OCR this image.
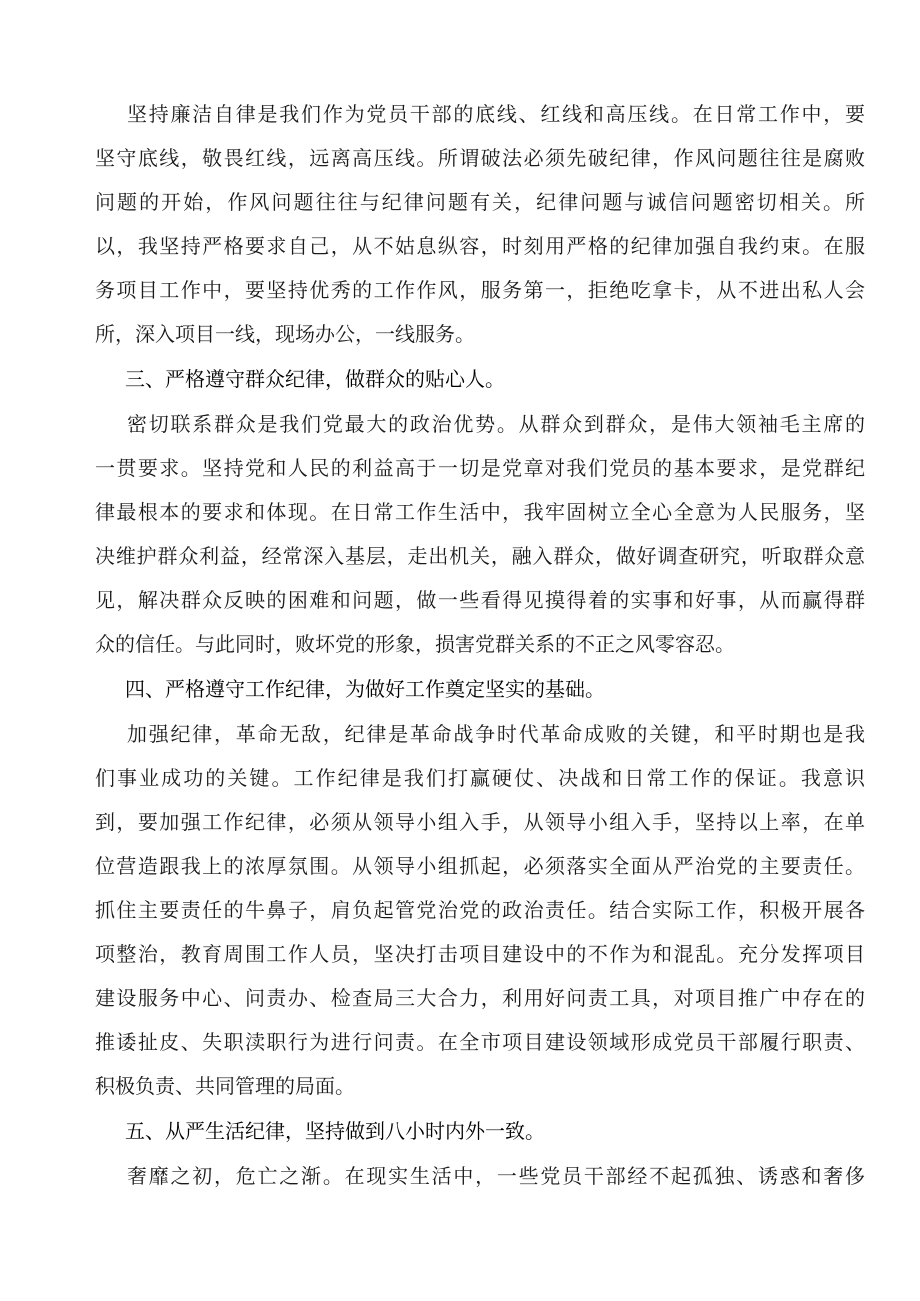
坚持廉洁自律是我们作为党员干部的底线、红线和高压线。在日常工作中，要
坚守底线，敬畏红线，远离高压线。所谓破法必须先破纪律，作风问题往往是腐败
问题的开始，作风问题往往与纪律问题有关，纪律问题与诚信问题密切相关。所
以，我坚持严格要求自己，从不姑息纵容，时刻用严格的纪律加强自我约束。在服
务项目工作中，要坚持优秀的工作作风，服务第一，拒绝吃拿卡，从不进出私人会
所，深入项目一线，现场办公，一线服务。
三、严格遵守群众纪律，做群众的贴心人。
密切联系群众是我们党最大的政治优势。从群众到群众，是伟大领袖毛主席的
一贯要求。坚持党和人民的利益高于一切是党章对我们党员的基本要求，是党群纪
律最根本的要求和体现。在日常工作生活中，我牢固树立全心全意为人民服务，坚
决维护群众利益，经常深入基层，走出机关，融入群众，做好调查研究，听取群众意
见，解决群众反映的困难和问题，做一些看得见摸得着的实事和好事，从而赢得群
众的信任。与此同时，败坏党的形象，损害党群关系的不正之风零容忍。
四、严格遵守工作纪律，为做好工作奠定坚实的基础。
加强纪律，革命无敌，纪律是革命战争时代革命成败的关键，和平时期也是我
们事业成功的关键。工作纪律是我们打赢硬仗、决战和日常工作的保证。我意识
到，要加强工作纪律，必须从领导小组入手，从领导小组入手，坚持以上率，在单
位营造跟我上的浓厚氛围。从领导小组抓起，必须落实全面从严治党的主要责任。
抓住主要责任的牛鼻子，肩负起管党治党的政治责任。结合实际工作，积极开展各
项整治，教育周围工作人员，坚决打击项目建设中的不作为和混乱。充分发挥项目
建设服务中心、问责办、检查局三大合力，利用好问责工具，对项目推广中存在的
推诿扯皮、失职渎职行为进行问责。在全市项目建设领域形成党员干部履行职责、
积极负责、共同管理的局面。
五、从严生活纪律，坚持做到八小时内外一致。
奢靡之初，危亡之渐。在现实生活中，一些党员干部经不起孤独、诱惑和奢侈
